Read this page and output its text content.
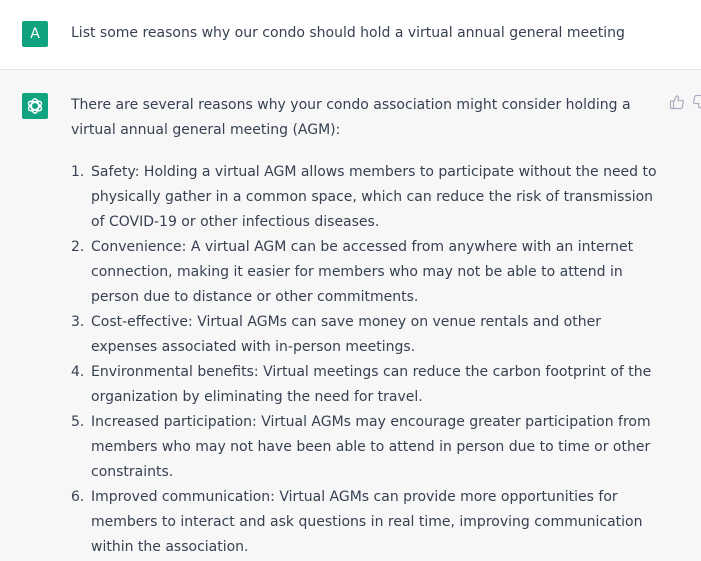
A	List some reasons why our condo should hold a virtual annual general meeting

There are several reasons why your condo association might consider holding a virtual annual general meeting (AGM):

1. Safety: Holding a virtual AGM allows members to participate without the need to physically gather in a common space, which can reduce the risk of transmission of COVID-19 or other infectious diseases.
2. Convenience: A virtual AGM can be accessed from anywhere with an internet connection, making it easier for members who may not be able to attend in person due to distance or other commitments.
3. Cost-effective: Virtual AGMs can save money on venue rentals and other expenses associated with in-person meetings.
4. Environmental benefits: Virtual meetings can reduce the carbon footprint of the organization by eliminating the need for travel.
5. Increased participation: Virtual AGMs may encourage greater participation from members who may not have been able to attend in person due to time or other constraints.
6. Improved communication: Virtual AGMs can provide more opportunities for members to interact and ask questions in real time, improving communication within the association.
